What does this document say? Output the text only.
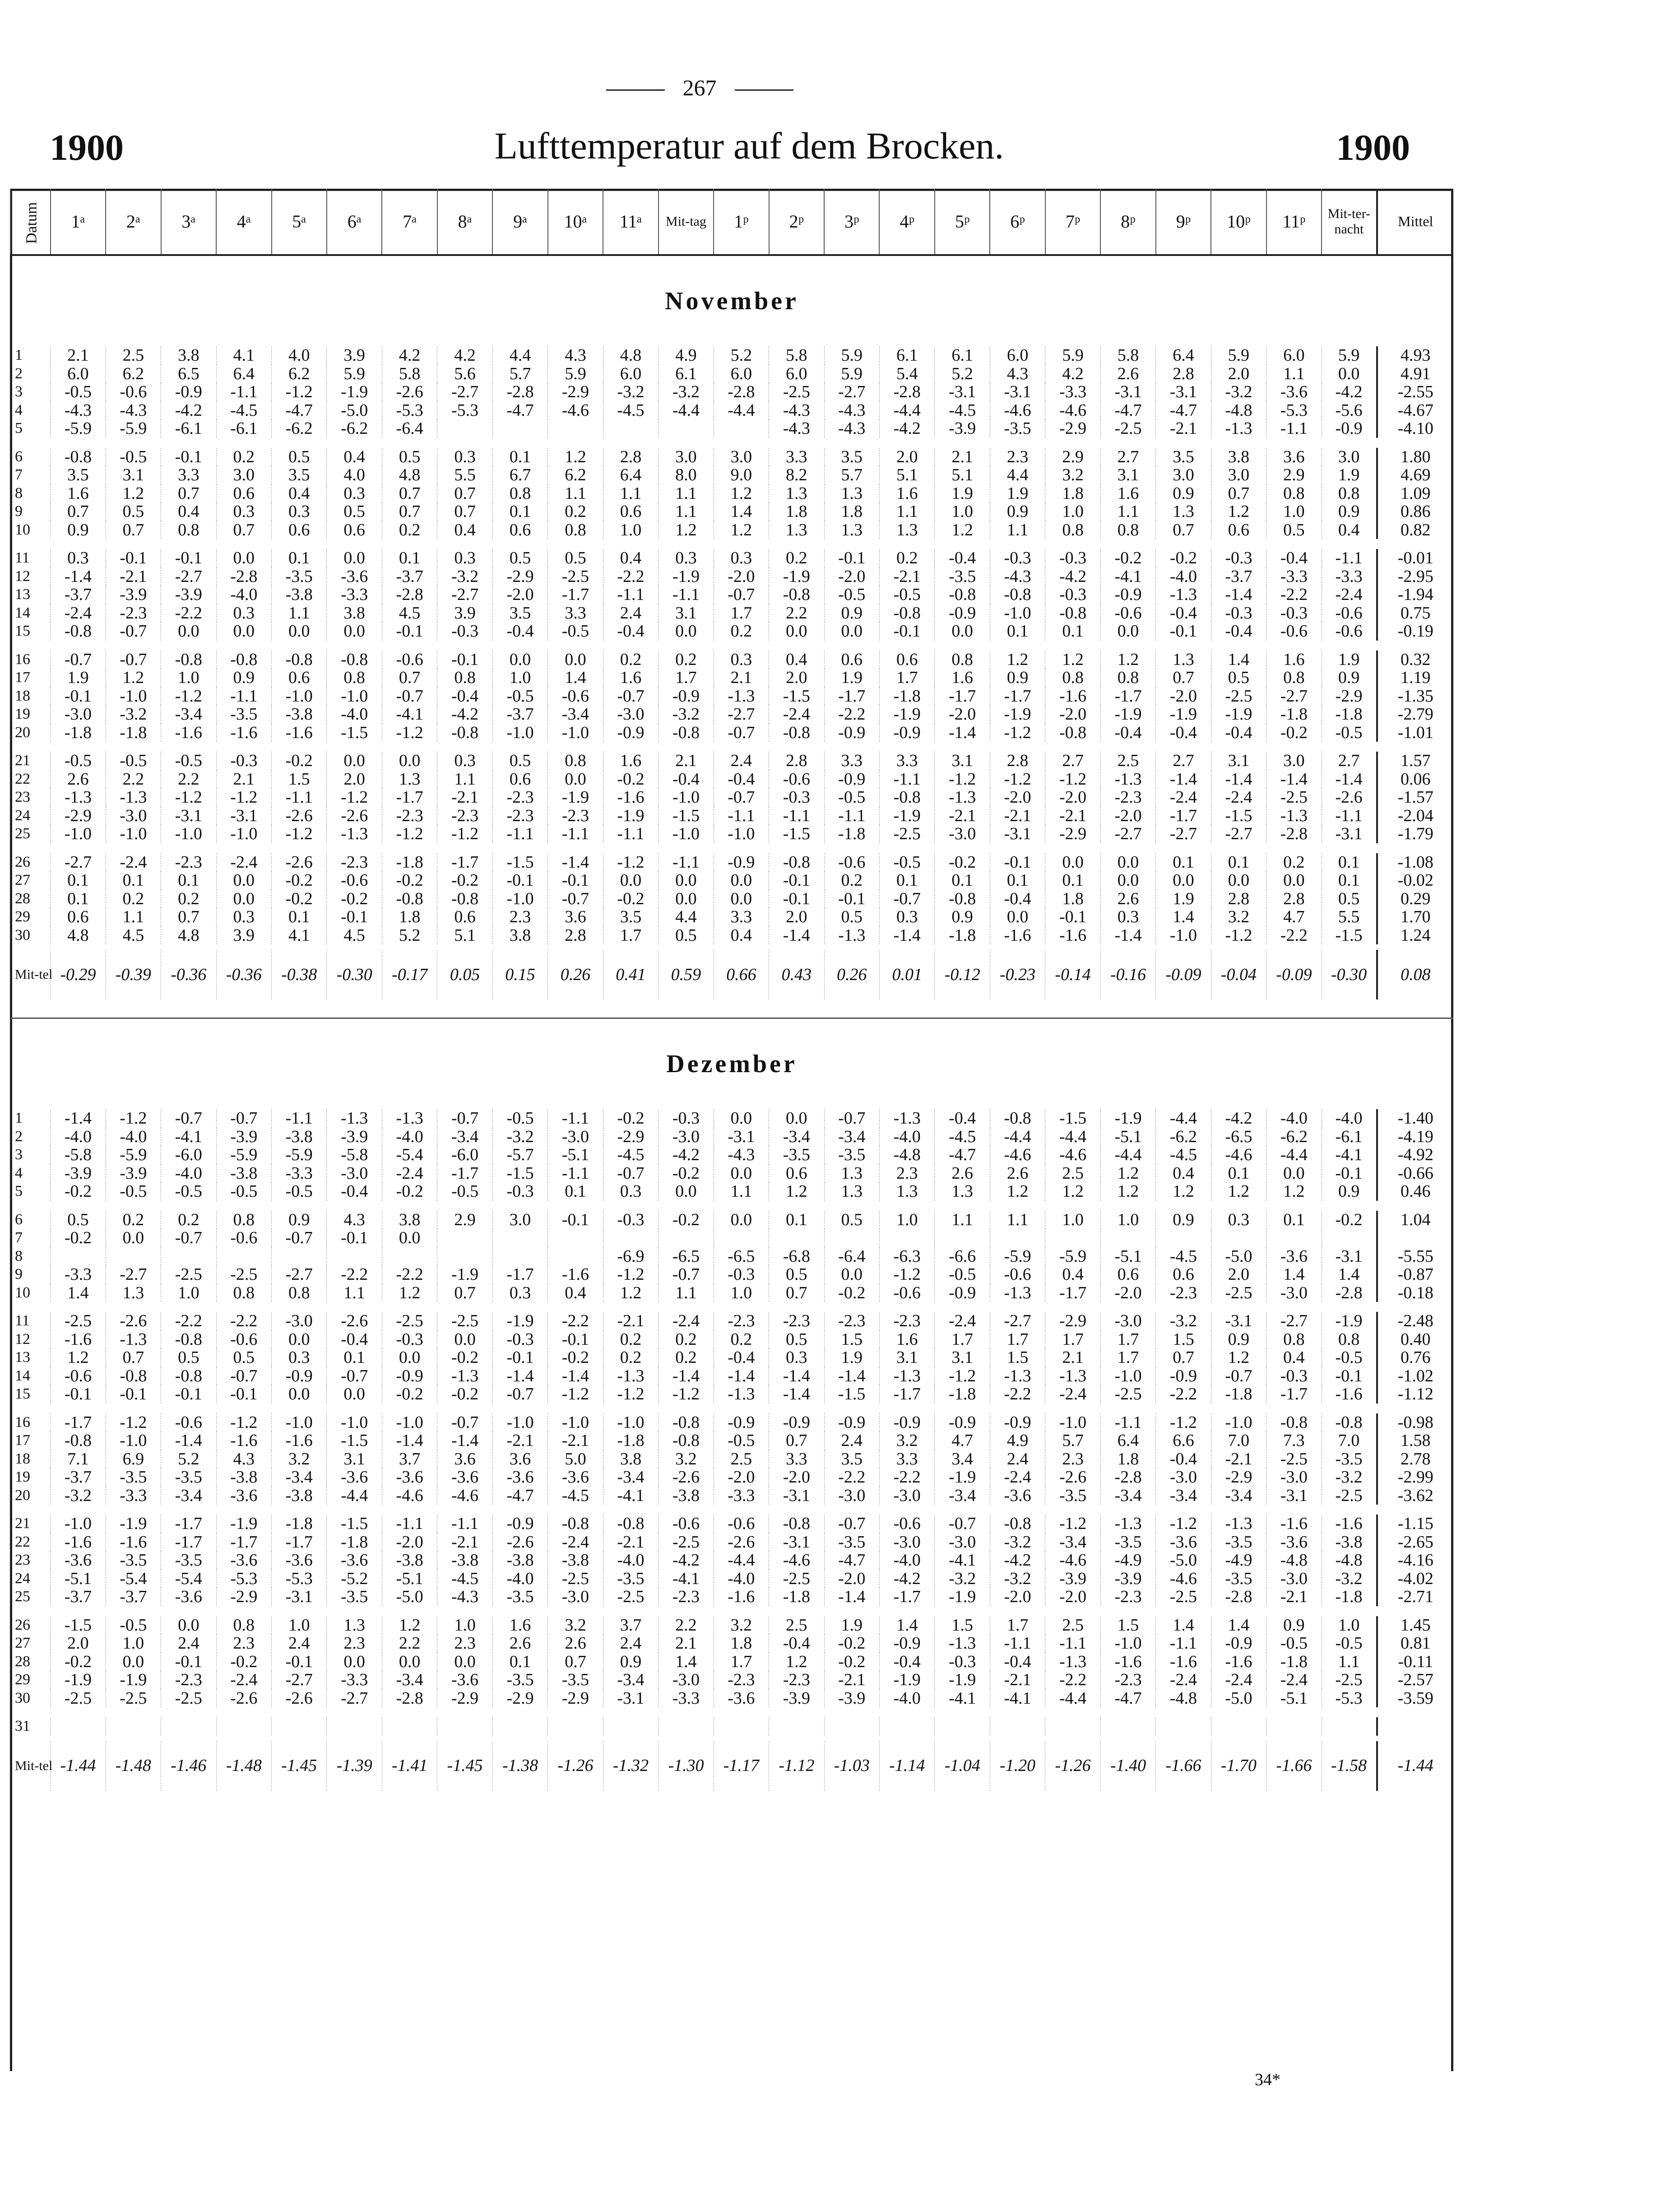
267
1900	Lufttemperatur auf dem Brocken.	1900
Datum	1ᵃ	2ᵃ	3ᵃ	4ᵃ	5ᵃ	6ᵃ	7ᵃ	8ᵃ	9ᵃ	10ᵃ	11ᵃ	Mit-tag	1ᵖ	2ᵖ	3ᵖ	4ᵖ	5ᵖ	6ᵖ	7ᵖ	8ᵖ	9ᵖ	10ᵖ	11ᵖ	Mit-ter-nacht	Mittel
November																									
1	2.1	2.5	3.8	4.1	4.0	3.9	4.2	4.2	4.4	4.3	4.8	4.9	5.2	5.8	5.9	6.1	6.1	6.0	5.9	5.8	6.4	5.9	6.0	5.9	4.93
2	6.0	6.2	6.5	6.4	6.2	5.9	5.8	5.6	5.7	5.9	6.0	6.1	6.0	6.0	5.9	5.4	5.2	4.3	4.2	2.6	2.8	2.0	1.1	0.0	4.91
3	-0.5	-0.6	-0.9	-1.1	-1.2	-1.9	-2.6	-2.7	-2.8	-2.9	-3.2	-3.2	-2.8	-2.5	-2.7	-2.8	-3.1	-3.1	-3.3	-3.1	-3.1	-3.2	-3.6	-4.2	-2.55
4	-4.3	-4.3	-4.2	-4.5	-4.7	-5.0	-5.3	-5.3	-4.7	-4.6	-4.5	-4.4	-4.4	-4.3	-4.3	-4.4	-4.5	-4.6	-4.6	-4.7	-4.7	-4.8	-5.3	-5.6	-4.67
5	-5.9	-5.9	-6.1	-6.1	-6.2	-6.2	-6.4							-4.3	-4.3	-4.2	-3.9	-3.5	-2.9	-2.5	-2.1	-1.3	-1.1	-0.9	-4.10

6	-0.8	-0.5	-0.1	0.2	0.5	0.4	0.5	0.3	0.1	1.2	2.8	3.0	3.0	3.3	3.5	2.0	2.1	2.3	2.9	2.7	3.5	3.8	3.6	3.0	1.80
7	3.5	3.1	3.3	3.0	3.5	4.0	4.8	5.5	6.7	6.2	6.4	8.0	9.0	8.2	5.7	5.1	5.1	4.4	3.2	3.1	3.0	3.0	2.9	1.9	4.69
8	1.6	1.2	0.7	0.6	0.4	0.3	0.7	0.7	0.8	1.1	1.1	1.1	1.2	1.3	1.3	1.6	1.9	1.9	1.8	1.6	0.9	0.7	0.8	0.8	1.09
9	0.7	0.5	0.4	0.3	0.3	0.5	0.7	0.7	0.1	0.2	0.6	1.1	1.4	1.8	1.8	1.1	1.0	0.9	1.0	1.1	1.3	1.2	1.0	0.9	0.86
10	0.9	0.7	0.8	0.7	0.6	0.6	0.2	0.4	0.6	0.8	1.0	1.2	1.2	1.3	1.3	1.3	1.2	1.1	0.8	0.8	0.7	0.6	0.5	0.4	0.82

11	0.3	-0.1	-0.1	0.0	0.1	0.0	0.1	0.3	0.5	0.5	0.4	0.3	0.3	0.2	-0.1	0.2	-0.4	-0.3	-0.3	-0.2	-0.2	-0.3	-0.4	-1.1	-0.01
12	-1.4	-2.1	-2.7	-2.8	-3.5	-3.6	-3.7	-3.2	-2.9	-2.5	-2.2	-1.9	-2.0	-1.9	-2.0	-2.1	-3.5	-4.3	-4.2	-4.1	-4.0	-3.7	-3.3	-3.3	-2.95
13	-3.7	-3.9	-3.9	-4.0	-3.8	-3.3	-2.8	-2.7	-2.0	-1.7	-1.1	-1.1	-0.7	-0.8	-0.5	-0.5	-0.8	-0.8	-0.3	-0.9	-1.3	-1.4	-2.2	-2.4	-1.94
14	-2.4	-2.3	-2.2	0.3	1.1	3.8	4.5	3.9	3.5	3.3	2.4	3.1	1.7	2.2	0.9	-0.8	-0.9	-1.0	-0.8	-0.6	-0.4	-0.3	-0.3	-0.6	0.75
15	-0.8	-0.7	0.0	0.0	0.0	0.0	-0.1	-0.3	-0.4	-0.5	-0.4	0.0	0.2	0.0	0.0	-0.1	0.0	0.1	0.1	0.0	-0.1	-0.4	-0.6	-0.6	-0.19

16	-0.7	-0.7	-0.8	-0.8	-0.8	-0.8	-0.6	-0.1	0.0	0.0	0.2	0.2	0.3	0.4	0.6	0.6	0.8	1.2	1.2	1.2	1.3	1.4	1.6	1.9	0.32
17	1.9	1.2	1.0	0.9	0.6	0.8	0.7	0.8	1.0	1.4	1.6	1.7	2.1	2.0	1.9	1.7	1.6	0.9	0.8	0.8	0.7	0.5	0.8	0.9	1.19
18	-0.1	-1.0	-1.2	-1.1	-1.0	-1.0	-0.7	-0.4	-0.5	-0.6	-0.7	-0.9	-1.3	-1.5	-1.7	-1.8	-1.7	-1.7	-1.6	-1.7	-2.0	-2.5	-2.7	-2.9	-1.35
19	-3.0	-3.2	-3.4	-3.5	-3.8	-4.0	-4.1	-4.2	-3.7	-3.4	-3.0	-3.2	-2.7	-2.4	-2.2	-1.9	-2.0	-1.9	-2.0	-1.9	-1.9	-1.9	-1.8	-1.8	-2.79
20	-1.8	-1.8	-1.6	-1.6	-1.6	-1.5	-1.2	-0.8	-1.0	-1.0	-0.9	-0.8	-0.7	-0.8	-0.9	-0.9	-1.4	-1.2	-0.8	-0.4	-0.4	-0.4	-0.2	-0.5	-1.01

21	-0.5	-0.5	-0.5	-0.3	-0.2	0.0	0.0	0.3	0.5	0.8	1.6	2.1	2.4	2.8	3.3	3.3	3.1	2.8	2.7	2.5	2.7	3.1	3.0	2.7	1.57
22	2.6	2.2	2.2	2.1	1.5	2.0	1.3	1.1	0.6	0.0	-0.2	-0.4	-0.4	-0.6	-0.9	-1.1	-1.2	-1.2	-1.2	-1.3	-1.4	-1.4	-1.4	-1.4	0.06
23	-1.3	-1.3	-1.2	-1.2	-1.1	-1.2	-1.7	-2.1	-2.3	-1.9	-1.6	-1.0	-0.7	-0.3	-0.5	-0.8	-1.3	-2.0	-2.0	-2.3	-2.4	-2.4	-2.5	-2.6	-1.57
24	-2.9	-3.0	-3.1	-3.1	-2.6	-2.6	-2.3	-2.3	-2.3	-2.3	-1.9	-1.5	-1.1	-1.1	-1.1	-1.9	-2.1	-2.1	-2.1	-2.0	-1.7	-1.5	-1.3	-1.1	-2.04
25	-1.0	-1.0	-1.0	-1.0	-1.2	-1.3	-1.2	-1.2	-1.1	-1.1	-1.1	-1.0	-1.0	-1.5	-1.8	-2.5	-3.0	-3.1	-2.9	-2.7	-2.7	-2.7	-2.8	-3.1	-1.79

26	-2.7	-2.4	-2.3	-2.4	-2.6	-2.3	-1.8	-1.7	-1.5	-1.4	-1.2	-1.1	-0.9	-0.8	-0.6	-0.5	-0.2	-0.1	0.0	0.0	0.1	0.1	0.2	0.1	-1.08
27	0.1	0.1	0.1	0.0	-0.2	-0.6	-0.2	-0.2	-0.1	-0.1	0.0	0.0	0.0	-0.1	0.2	0.1	0.1	0.1	0.1	0.0	0.0	0.0	0.0	0.1	-0.02
28	0.1	0.2	0.2	0.0	-0.2	-0.2	-0.8	-0.8	-1.0	-0.7	-0.2	0.0	0.0	-0.1	-0.1	-0.7	-0.8	-0.4	1.8	2.6	1.9	2.8	2.8	0.5	0.29
29	0.6	1.1	0.7	0.3	0.1	-0.1	1.8	0.6	2.3	3.6	3.5	4.4	3.3	2.0	0.5	0.3	0.9	0.0	-0.1	0.3	1.4	3.2	4.7	5.5	1.70
30	4.8	4.5	4.8	3.9	4.1	4.5	5.2	5.1	3.8	2.8	1.7	0.5	0.4	-1.4	-1.3	-1.4	-1.8	-1.6	-1.6	-1.4	-1.0	-1.2	-2.2	-1.5	1.24

Mit-tel	-0.29	-0.39	-0.36	-0.36	-0.38	-0.30	-0.17	0.05	0.15	0.26	0.41	0.59	0.66	0.43	0.26	0.01	-0.12	-0.23	-0.14	-0.16	-0.09	-0.04	-0.09	-0.30	0.08

Dezember																									
1	-1.4	-1.2	-0.7	-0.7	-1.1	-1.3	-1.3	-0.7	-0.5	-1.1	-0.2	-0.3	0.0	0.0	-0.7	-1.3	-0.4	-0.8	-1.5	-1.9	-4.4	-4.2	-4.0	-4.0	-1.40
2	-4.0	-4.0	-4.1	-3.9	-3.8	-3.9	-4.0	-3.4	-3.2	-3.0	-2.9	-3.0	-3.1	-3.4	-3.4	-4.0	-4.5	-4.4	-4.4	-5.1	-6.2	-6.5	-6.2	-6.1	-4.19
3	-5.8	-5.9	-6.0	-5.9	-5.9	-5.8	-5.4	-6.0	-5.7	-5.1	-4.5	-4.2	-4.3	-3.5	-3.5	-4.8	-4.7	-4.6	-4.6	-4.4	-4.5	-4.6	-4.4	-4.1	-4.92
4	-3.9	-3.9	-4.0	-3.8	-3.3	-3.0	-2.4	-1.7	-1.5	-1.1	-0.7	-0.2	0.0	0.6	1.3	2.3	2.6	2.6	2.5	1.2	0.4	0.1	0.0	-0.1	-0.66
5	-0.2	-0.5	-0.5	-0.5	-0.5	-0.4	-0.2	-0.5	-0.3	0.1	0.3	0.0	1.1	1.2	1.3	1.3	1.3	1.2	1.2	1.2	1.2	1.2	1.2	0.9	0.46

6	0.5	0.2	0.2	0.8	0.9	4.3	3.8	2.9	3.0	-0.1	-0.3	-0.2	0.0	0.1	0.5	1.0	1.1	1.1	1.0	1.0	0.9	0.3	0.1	-0.2	1.04
7	-0.2	0.0	-0.7	-0.6	-0.7	-0.1	0.0																		
8											-6.9	-6.5	-6.5	-6.8	-6.4	-6.3	-6.6	-5.9	-5.9	-5.1	-4.5	-5.0	-3.6	-3.1	-5.55
9	-3.3	-2.7	-2.5	-2.5	-2.7	-2.2	-2.2	-1.9	-1.7	-1.6	-1.2	-0.7	-0.3	0.5	0.0	-1.2	-0.5	-0.6	0.4	0.6	0.6	2.0	1.4	1.4	-0.87
10	1.4	1.3	1.0	0.8	0.8	1.1	1.2	0.7	0.3	0.4	1.2	1.1	1.0	0.7	-0.2	-0.6	-0.9	-1.3	-1.7	-2.0	-2.3	-2.5	-3.0	-2.8	-0.18

11	-2.5	-2.6	-2.2	-2.2	-3.0	-2.6	-2.5	-2.5	-1.9	-2.2	-2.1	-2.4	-2.3	-2.3	-2.3	-2.3	-2.4	-2.7	-2.9	-3.0	-3.2	-3.1	-2.7	-1.9	-2.48
12	-1.6	-1.3	-0.8	-0.6	0.0	-0.4	-0.3	0.0	-0.3	-0.1	0.2	0.2	0.2	0.5	1.5	1.6	1.7	1.7	1.7	1.7	1.5	0.9	0.8	0.8	0.40
13	1.2	0.7	0.5	0.5	0.3	0.1	0.0	-0.2	-0.1	-0.2	0.2	0.2	-0.4	0.3	1.9	3.1	3.1	1.5	2.1	1.7	0.7	1.2	0.4	-0.5	0.76
14	-0.6	-0.8	-0.8	-0.7	-0.9	-0.7	-0.9	-1.3	-1.4	-1.4	-1.3	-1.4	-1.4	-1.4	-1.4	-1.3	-1.2	-1.3	-1.3	-1.0	-0.9	-0.7	-0.3	-0.1	-1.02
15	-0.1	-0.1	-0.1	-0.1	0.0	0.0	-0.2	-0.2	-0.7	-1.2	-1.2	-1.2	-1.3	-1.4	-1.5	-1.7	-1.8	-2.2	-2.4	-2.5	-2.2	-1.8	-1.7	-1.6	-1.12

16	-1.7	-1.2	-0.6	-1.2	-1.0	-1.0	-1.0	-0.7	-1.0	-1.0	-1.0	-0.8	-0.9	-0.9	-0.9	-0.9	-0.9	-0.9	-1.0	-1.1	-1.2	-1.0	-0.8	-0.8	-0.98
17	-0.8	-1.0	-1.4	-1.6	-1.6	-1.5	-1.4	-1.4	-2.1	-2.1	-1.8	-0.8	-0.5	0.7	2.4	3.2	4.7	4.9	5.7	6.4	6.6	7.0	7.3	7.0	1.58
18	7.1	6.9	5.2	4.3	3.2	3.1	3.7	3.6	3.6	5.0	3.8	3.2	2.5	3.3	3.5	3.3	3.4	2.4	2.3	1.8	-0.4	-2.1	-2.5	-3.5	2.78
19	-3.7	-3.5	-3.5	-3.8	-3.4	-3.6	-3.6	-3.6	-3.6	-3.6	-3.4	-2.6	-2.0	-2.0	-2.2	-2.2	-1.9	-2.4	-2.6	-2.8	-3.0	-2.9	-3.0	-3.2	-2.99
20	-3.2	-3.3	-3.4	-3.6	-3.8	-4.4	-4.6	-4.6	-4.7	-4.5	-4.1	-3.8	-3.3	-3.1	-3.0	-3.0	-3.4	-3.6	-3.5	-3.4	-3.4	-3.4	-3.1	-2.5	-3.62

21	-1.0	-1.9	-1.7	-1.9	-1.8	-1.5	-1.1	-1.1	-0.9	-0.8	-0.8	-0.6	-0.6	-0.8	-0.7	-0.6	-0.7	-0.8	-1.2	-1.3	-1.2	-1.3	-1.6	-1.6	-1.15
22	-1.6	-1.6	-1.7	-1.7	-1.7	-1.8	-2.0	-2.1	-2.6	-2.4	-2.1	-2.5	-2.6	-3.1	-3.5	-3.0	-3.0	-3.2	-3.4	-3.5	-3.6	-3.5	-3.6	-3.8	-2.65
23	-3.6	-3.5	-3.5	-3.6	-3.6	-3.6	-3.8	-3.8	-3.8	-3.8	-4.0	-4.2	-4.4	-4.6	-4.7	-4.0	-4.1	-4.2	-4.6	-4.9	-5.0	-4.9	-4.8	-4.8	-4.16
24	-5.1	-5.4	-5.4	-5.3	-5.3	-5.2	-5.1	-4.5	-4.0	-2.5	-3.5	-4.1	-4.0	-2.5	-2.0	-4.2	-3.2	-3.2	-3.9	-3.9	-4.6	-3.5	-3.0	-3.2	-4.02
25	-3.7	-3.7	-3.6	-2.9	-3.1	-3.5	-5.0	-4.3	-3.5	-3.0	-2.5	-2.3	-1.6	-1.8	-1.4	-1.7	-1.9	-2.0	-2.0	-2.3	-2.5	-2.8	-2.1	-1.8	-2.71

26	-1.5	-0.5	0.0	0.8	1.0	1.3	1.2	1.0	1.6	3.2	3.7	2.2	3.2	2.5	1.9	1.4	1.5	1.7	2.5	1.5	1.4	1.4	0.9	1.0	1.45
27	2.0	1.0	2.4	2.3	2.4	2.3	2.2	2.3	2.6	2.6	2.4	2.1	1.8	-0.4	-0.2	-0.9	-1.3	-1.1	-1.1	-1.0	-1.1	-0.9	-0.5	-0.5	0.81
28	-0.2	0.0	-0.1	-0.2	-0.1	0.0	0.0	0.0	0.1	0.7	0.9	1.4	1.7	1.2	-0.2	-0.4	-0.3	-0.4	-1.3	-1.6	-1.6	-1.6	-1.8	1.1	-0.11
29	-1.9	-1.9	-2.3	-2.4	-2.7	-3.3	-3.4	-3.6	-3.5	-3.5	-3.4	-3.0	-2.3	-2.3	-2.1	-1.9	-1.9	-2.1	-2.2	-2.3	-2.4	-2.4	-2.4	-2.5	-2.57
30	-2.5	-2.5	-2.5	-2.6	-2.6	-2.7	-2.8	-2.9	-2.9	-2.9	-3.1	-3.3	-3.6	-3.9	-3.9	-4.0	-4.1	-4.1	-4.4	-4.7	-4.8	-5.0	-5.1	-5.3	-3.59

31																									

Mit-tel	-1.44	-1.48	-1.46	-1.48	-1.45	-1.39	-1.41	-1.45	-1.38	-1.26	-1.32	-1.30	-1.17	-1.12	-1.03	-1.14	-1.04	-1.20	-1.26	-1.40	-1.66	-1.70	-1.66	-1.58	-1.44
34*
